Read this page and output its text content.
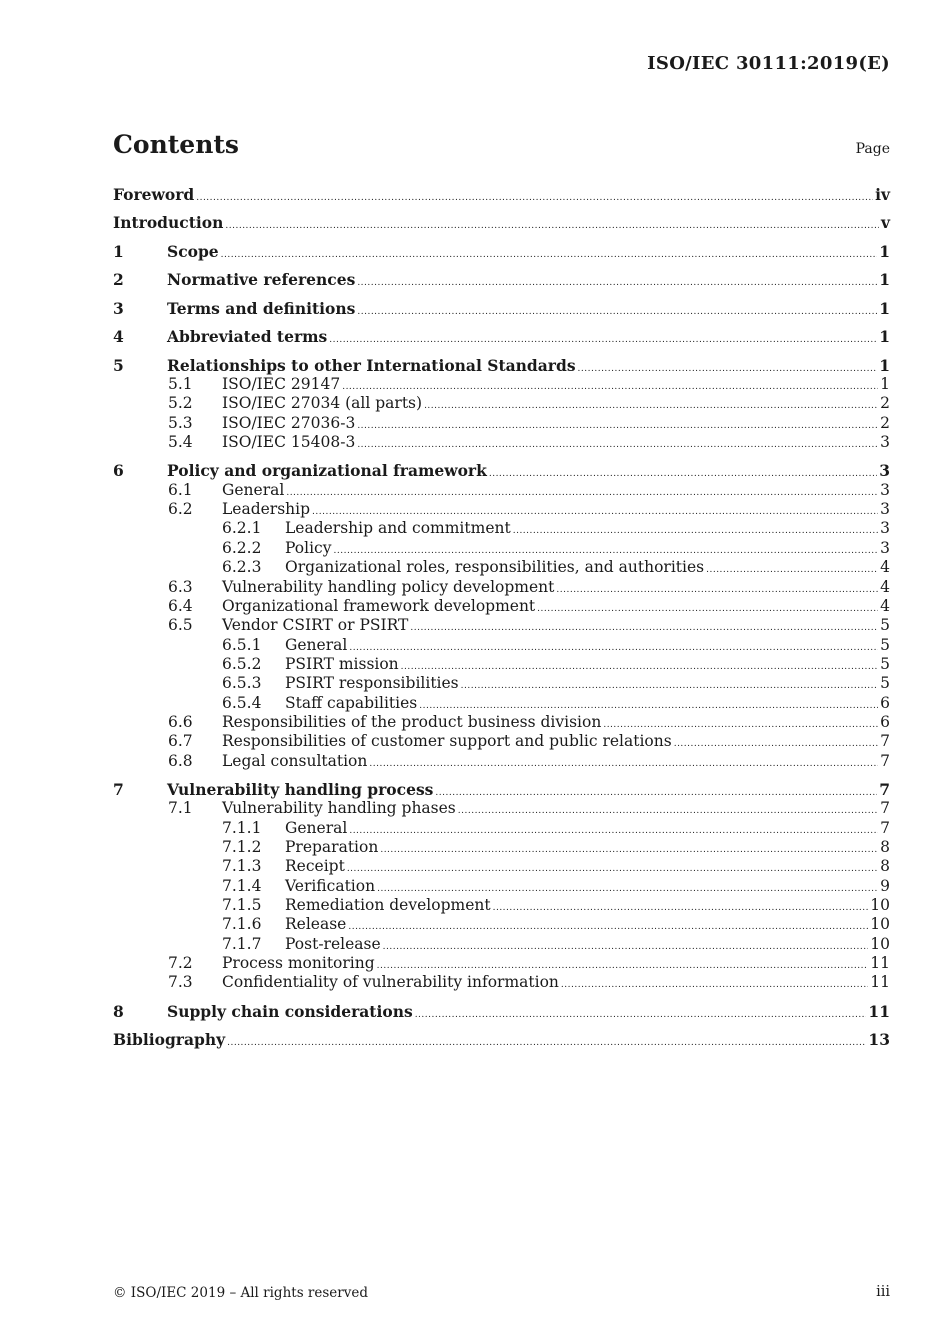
ISO/IEC 30111:2019(E)
Contents	Page
Foreword .....	iv
Introduction .....	v
1	Scope .....	1
2	Normative references .....	1
3	Terms and definitions .....	1
4	Abbreviated terms .....	1
5	Relationships to other International Standards .....	1
5.1	ISO/IEC 29147 .....	1
5.2	ISO/IEC 27034 (all parts) .....	2
5.3	ISO/IEC 27036-3 .....	2
5.4	ISO/IEC 15408-3 .....	3
6	Policy and organizational framework .....	3
6.1	General .....	3
6.2	Leadership .....	3
6.2.1	Leadership and commitment .....	3
6.2.2	Policy .....	3
6.2.3	Organizational roles, responsibilities, and authorities .....	4
6.3	Vulnerability handling policy development .....	4
6.4	Organizational framework development .....	4
6.5	Vendor CSIRT or PSIRT .....	5
6.5.1	General .....	5
6.5.2	PSIRT mission .....	5
6.5.3	PSIRT responsibilities .....	5
6.5.4	Staff capabilities .....	6
6.6	Responsibilities of the product business division .....	6
6.7	Responsibilities of customer support and public relations .....	7
6.8	Legal consultation .....	7
7	Vulnerability handling process .....	7
7.1	Vulnerability handling phases .....	7
7.1.1	General .....	7
7.1.2	Preparation .....	8
7.1.3	Receipt .....	8
7.1.4	Verification .....	9
7.1.5	Remediation development .....	10
7.1.6	Release .....	10
7.1.7	Post-release .....	10
7.2	Process monitoring .....	11
7.3	Confidentiality of vulnerability information .....	11
8	Supply chain considerations .....	11
Bibliography .....	13
© ISO/IEC 2019 – All rights reserved	iii
